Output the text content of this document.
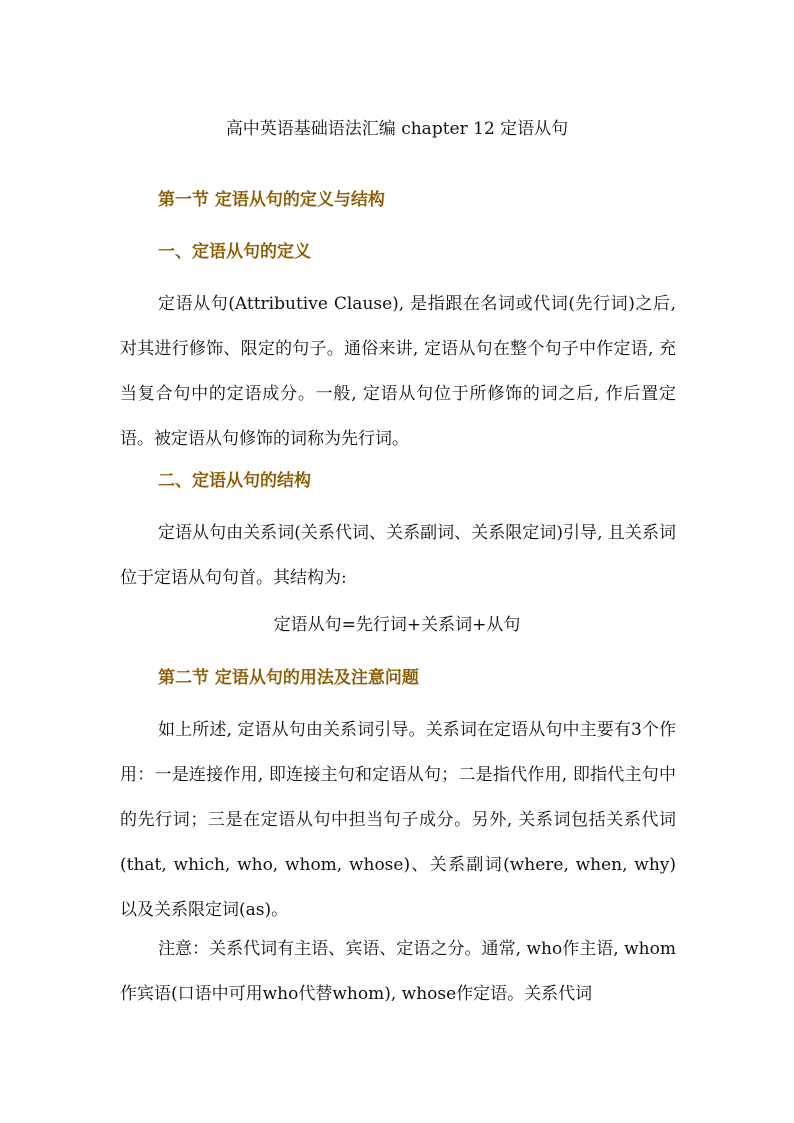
高中英语基础语法汇编 chapter 12 定语从句
第一节 定语从句的定义与结构
一、定语从句的定义

定语从句(Attributive Clause), 是指跟在名词或代词(先行词)之后, 对其进行修饰、限定的句子。通俗来讲, 定语从句在整个句子中作定语, 充当复合句中的定语成分。一般, 定语从句位于所修饰的词之后, 作后置定语。被定语从句修饰的词称为先行词。

二、定语从句的结构

定语从句由关系词(关系代词、关系副词、关系限定词)引导, 且关系词位于定语从句句首。其结构为:

定语从句=先行词+关系词+从句
第二节 定语从句的用法及注意问题

如上所述, 定语从句由关系词引导。关系词在定语从句中主要有3个作用：一是连接作用, 即连接主句和定语从句；二是指代作用, 即指代主句中的先行词；三是在定语从句中担当句子成分。另外, 关系词包括关系代词(that, which, who, whom, whose)、关系副词(where, when, why)以及关系限定词(as)。

注意：关系代词有主语、宾语、定语之分。通常, who作主语, whom作宾语(口语中可用who代替whom), whose作定语。关系代词
